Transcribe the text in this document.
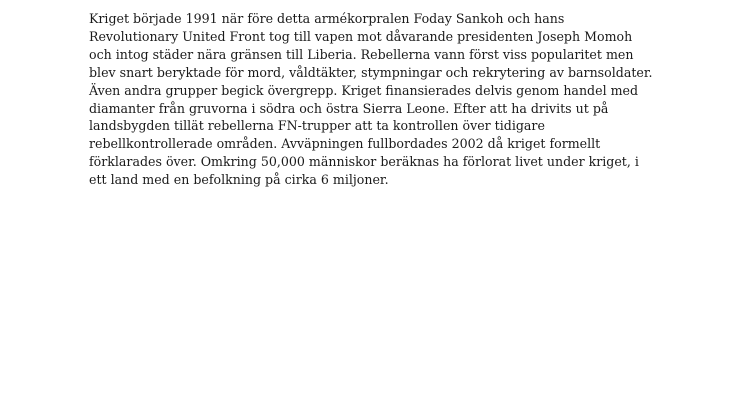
Kriget började 1991 när före detta armékorpralen Foday Sankoh och hans
Revolutionary United Front tog till vapen mot dåvarande presidenten Joseph Momoh
och intog städer nära gränsen till Liberia. Rebellerna vann först viss popularitet men
blev snart beryktade för mord, våldtäkter, stympningar och rekrytering av barnsoldater.
Även andra grupper begick övergrepp. Kriget finansierades delvis genom handel med
diamanter från gruvorna i södra och östra Sierra Leone. Efter att ha drivits ut på
landsbygden tillät rebellerna FN-trupper att ta kontrollen över tidigare
rebellkontrollerade områden. Avväpningen fullbordades 2002 då kriget formellt
förklarades över. Omkring 50,000 människor beräknas ha förlorat livet under kriget, i
ett land med en befolkning på cirka 6 miljoner.
